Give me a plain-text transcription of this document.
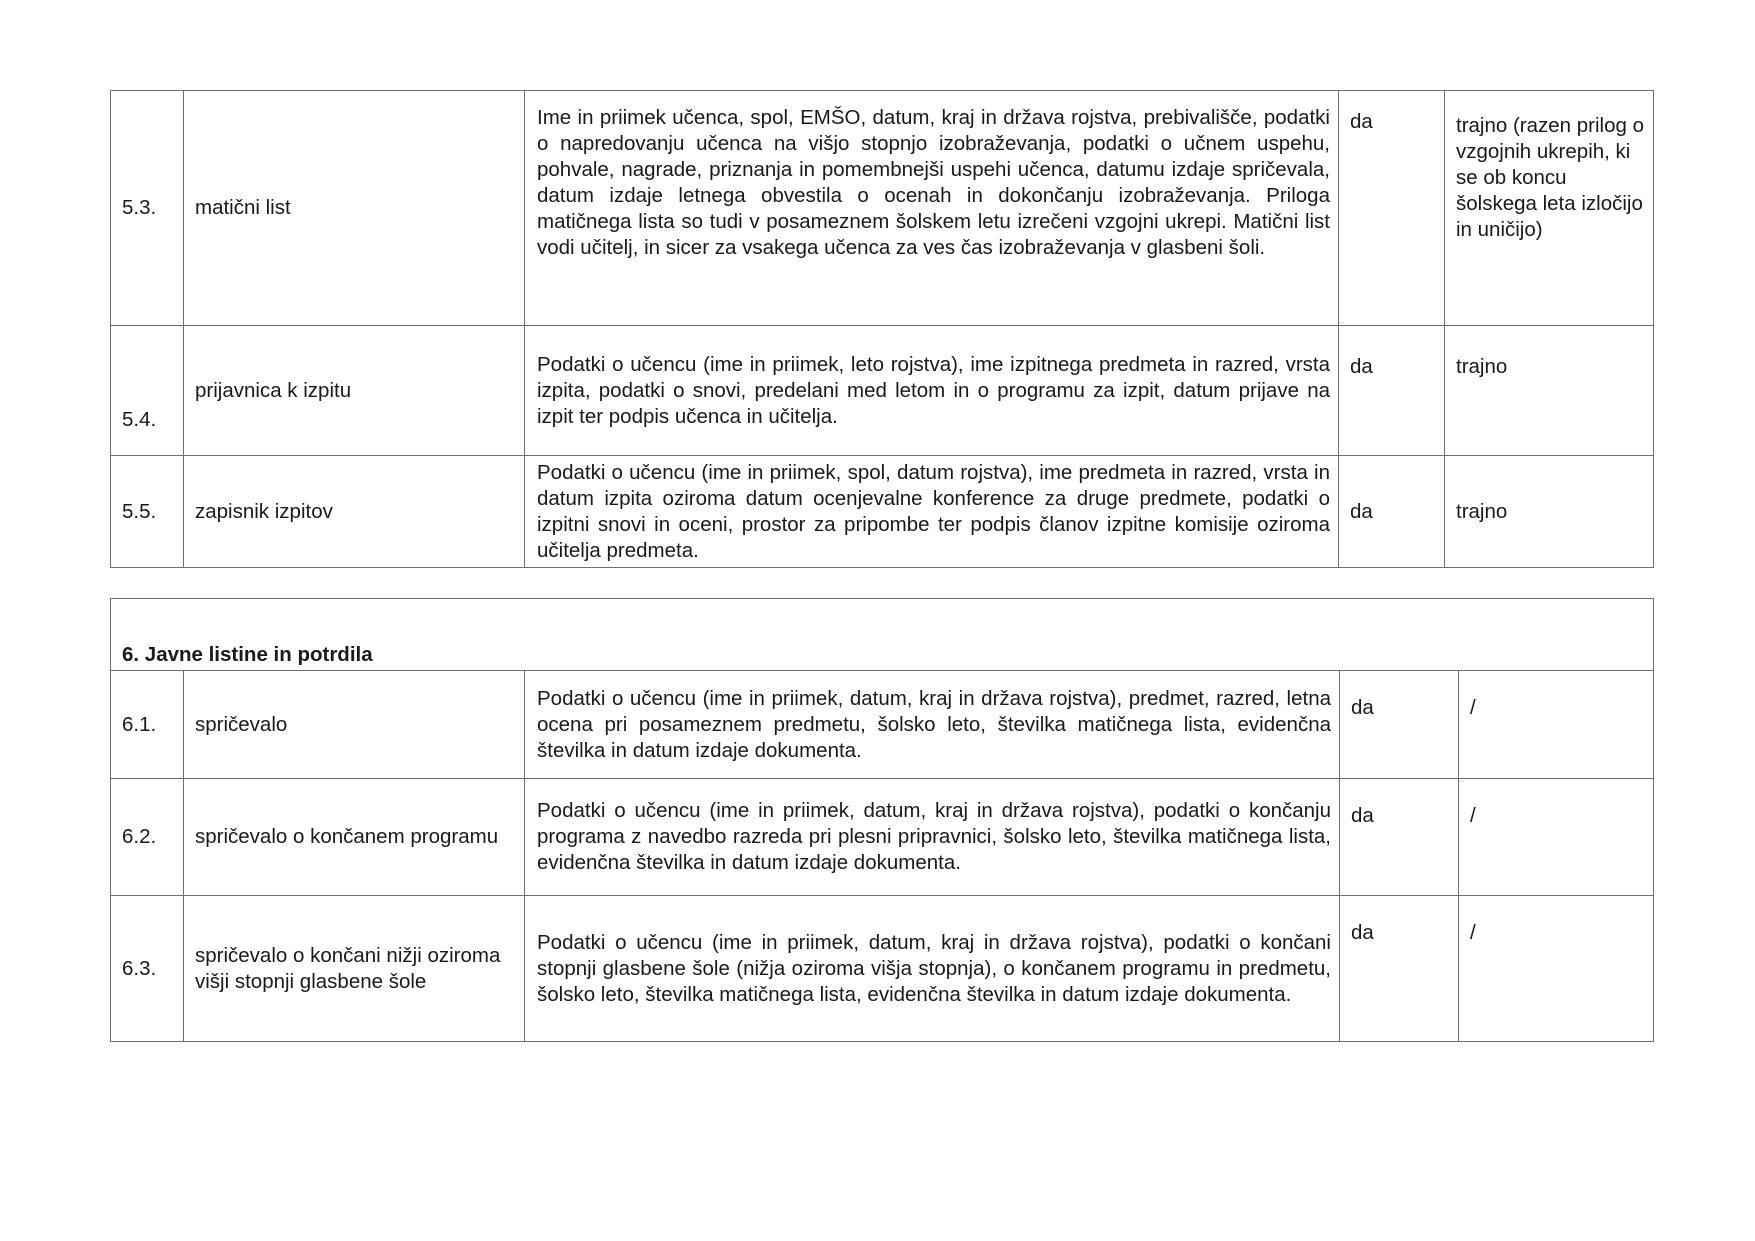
5.3.	matični list	Ime in priimek učenca, spol, EMŠO, datum, kraj in država rojstva, prebivališče, podatki o napredovanju učenca na višjo stopnjo izobraževanja, podatki o učnem uspehu, pohvale, nagrade, priznanja in pomembnejši uspehi učenca, datumu izdaje spričevala, datum izdaje letnega obvestila o ocenah in dokončanju izobraževanja. Priloga matičnega lista so tudi v posameznem šolskem letu izrečeni vzgojni ukrepi. Matični list vodi učitelj, in sicer za vsakega učenca za ves čas izobraževanja v glasbeni šoli.	da	trajno (razen prilog o vzgojnih ukrepih, ki se ob koncu šolskega leta izločijo in uničijo)
5.4.	prijavnica k izpitu	Podatki o učencu (ime in priimek, leto rojstva), ime izpitnega predmeta in razred, vrsta izpita, podatki o snovi, predelani med letom in o programu za izpit, datum prijave na izpit ter podpis učenca in učitelja.	da	trajno
5.5.	zapisnik izpitov	Podatki o učencu (ime in priimek, spol, datum rojstva), ime predmeta in razred, vrsta in datum izpita oziroma datum ocenjevalne konference za druge predmete, podatki o izpitni snovi in oceni, prostor za pripombe ter podpis članov izpitne komisije oziroma učitelja predmeta.	da	trajno
6. Javne listine in potrdila				
6.1.	spričevalo	Podatki o učencu (ime in priimek, datum, kraj in država rojstva), predmet, razred, letna ocena pri posameznem predmetu, šolsko leto, številka matičnega lista, evidenčna številka in datum izdaje dokumenta.	da	/
6.2.	spričevalo o končanem programu	Podatki o učencu (ime in priimek, datum, kraj in država rojstva), podatki o končanju programa z navedbo razreda pri plesni pripravnici, šolsko leto, številka matičnega lista, evidenčna številka in datum izdaje dokumenta.	da	/
6.3.	spričevalo o končani nižji oziroma višji stopnji glasbene šole	Podatki o učencu (ime in priimek, datum, kraj in država rojstva), podatki o končani stopnji glasbene šole (nižja oziroma višja stopnja), o končanem programu in predmetu, šolsko leto, številka matičnega lista, evidenčna številka in datum izdaje dokumenta.	da	/
